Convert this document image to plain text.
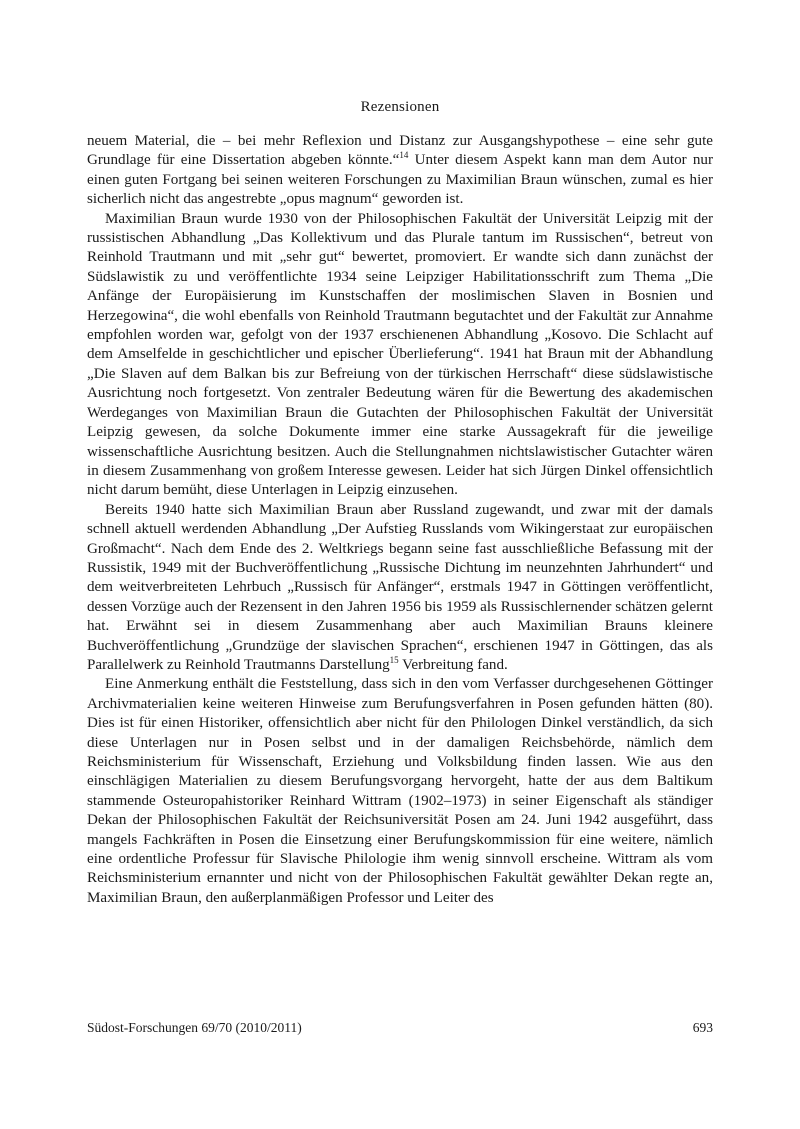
Rezensionen

neuem Material, die – bei mehr Reflexion und Distanz zur Ausgangshypothese – eine sehr gute Grundlage für eine Dissertation abgeben könnte.“$^{14}$ Unter diesem Aspekt kann man dem Autor nur einen guten Fortgang bei seinen weiteren Forschungen zu Maximilian Braun wünschen, zumal es hier sicherlich nicht das angestrebte „opus magnum“ geworden ist.

Maximilian Braun wurde 1930 von der Philosophischen Fakultät der Universität Leipzig mit der russistischen Abhandlung „Das Kollektivum und das Plurale tantum im Russischen“, betreut von Reinhold Trautmann und mit „sehr gut“ bewertet, promoviert. Er wandte sich dann zunächst der Südslawistik zu und veröffentlichte 1934 seine Leipziger Habilitationsschrift zum Thema „Die Anfänge der Europäisierung im Kunstschaffen der moslimischen Slaven in Bosnien und Herzegowina“, die wohl ebenfalls von Reinhold Trautmann begutachtet und der Fakultät zur Annahme empfohlen worden war, gefolgt von der 1937 erschienenen Abhandlung „Kosovo. Die Schlacht auf dem Amselfelde in geschichtlicher und epischer Überlieferung“. 1941 hat Braun mit der Abhandlung „Die Slaven auf dem Balkan bis zur Befreiung von der türkischen Herrschaft“ diese südslawistische Ausrichtung noch fortgesetzt. Von zentraler Bedeutung wären für die Bewertung des akademischen Werdeganges von Maximilian Braun die Gutachten der Philosophischen Fakultät der Universität Leipzig gewesen, da solche Dokumente immer eine starke Aussagekraft für die jeweilige wissenschaftliche Ausrichtung besitzen. Auch die Stellungnahmen nichtslawistischer Gutachter wären in diesem Zusammenhang von großem Interesse gewesen. Leider hat sich Jürgen Dinkel offensichtlich nicht darum bemüht, diese Unterlagen in Leipzig einzusehen.

Bereits 1940 hatte sich Maximilian Braun aber Russland zugewandt, und zwar mit der damals schnell aktuell werdenden Abhandlung „Der Aufstieg Russlands vom Wikingerstaat zur europäischen Großmacht“. Nach dem Ende des 2. Weltkriegs begann seine fast ausschließliche Befassung mit der Russistik, 1949 mit der Buchveröffentlichung „Russische Dichtung im neunzehnten Jahrhundert“ und dem weitverbreiteten Lehrbuch „Russisch für Anfänger“, erstmals 1947 in Göttingen veröffentlicht, dessen Vorzüge auch der Rezensent in den Jahren 1956 bis 1959 als Russischlernender schätzen gelernt hat. Erwähnt sei in diesem Zusammenhang aber auch Maximilian Brauns kleinere Buchveröffentlichung „Grundzüge der slavischen Sprachen“, erschienen 1947 in Göttingen, das als Parallelwerk zu Reinhold Trautmanns Darstellung$^{15}$ Verbreitung fand.

Eine Anmerkung enthält die Feststellung, dass sich in den vom Verfasser durchgesehenen Göttinger Archivmaterialien keine weiteren Hinweise zum Berufungsverfahren in Posen gefunden hätten (80). Dies ist für einen Historiker, offensichtlich aber nicht für den Philologen Dinkel verständlich, da sich diese Unterlagen nur in Posen selbst und in der damaligen Reichsbehörde, nämlich dem Reichsministerium für Wissenschaft, Erziehung und Volksbildung finden lassen. Wie aus den einschlägigen Materialien zu diesem Berufungsvorgang hervorgeht, hatte der aus dem Baltikum stammende Osteuropahistoriker Reinhard Wittram (1902–1973) in seiner Eigenschaft als ständiger Dekan der Philosophischen Fakultät der Reichsuniversität Posen am 24. Juni 1942 ausgeführt, dass mangels Fachkräften in Posen die Einsetzung einer Berufungskommission für eine weitere, nämlich eine ordentliche Professur für Slavische Philologie ihm wenig sinnvoll erscheine. Wittram als vom Reichsministerium ernannter und nicht von der Philosophischen Fakultät gewählter Dekan regte an, Maximilian Braun, den außerplanmäßigen Professor und Leiter des

Südost-Forschungen 69/70 (2010/2011)	693
